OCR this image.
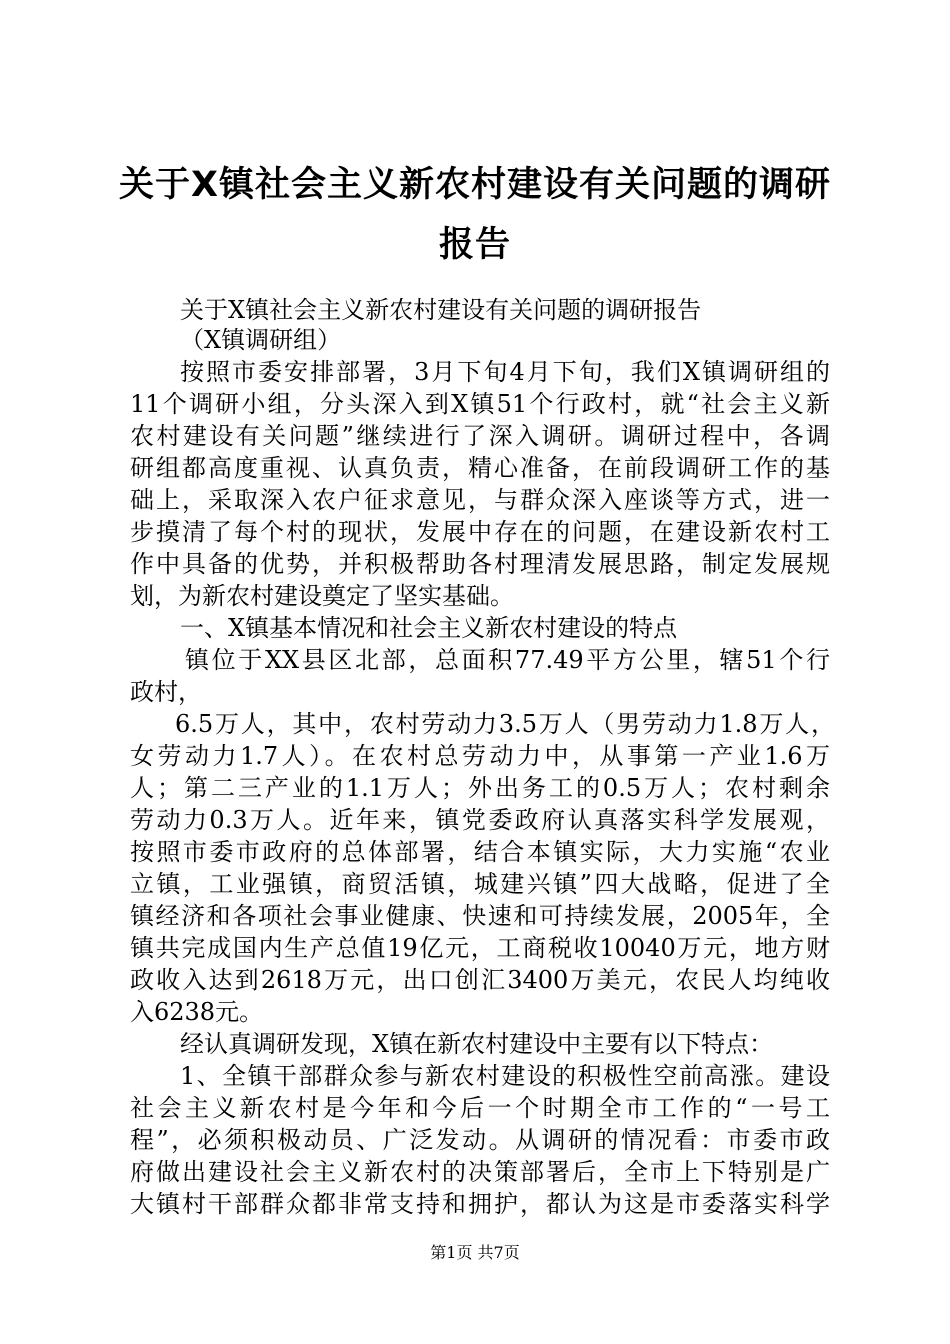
关于X镇社会主义新农村建设有关问题的调研
报告
关于X镇社会主义新农村建设有关问题的调研报告
（X镇调研组）
按照市委安排部署，3月下旬4月下旬，我们X镇调研组的
11个调研小组，分头深入到X镇51个行政村，就“社会主义新
农村建设有关问题”继续进行了深入调研。调研过程中，各调
研组都高度重视、认真负责，精心准备，在前段调研工作的基
础上，采取深入农户征求意见，与群众深入座谈等方式，进一
步摸清了每个村的现状，发展中存在的问题，在建设新农村工
作中具备的优势，并积极帮助各村理清发展思路，制定发展规
划，为新农村建设奠定了坚实基础。
一、X镇基本情况和社会主义新农村建设的特点
镇位于XX县区北部，总面积77.49平方公里，辖51个行
政村，
6.5万人，其中，农村劳动力3.5万人（男劳动力1.8万人，
女劳动力1.7人）。在农村总劳动力中，从事第一产业1.6万
人；第二三产业的1.1万人；外出务工的0.5万人；农村剩余
劳动力0.3万人。近年来，镇党委政府认真落实科学发展观，
按照市委市政府的总体部署，结合本镇实际，大力实施“农业
立镇，工业强镇，商贸活镇，城建兴镇”四大战略，促进了全
镇经济和各项社会事业健康、快速和可持续发展，2005年，全
镇共完成国内生产总值19亿元，工商税收10040万元，地方财
政收入达到2618万元，出口创汇3400万美元，农民人均纯收
入6238元。
经认真调研发现，X镇在新农村建设中主要有以下特点：
1、全镇干部群众参与新农村建设的积极性空前高涨。建设
社会主义新农村是今年和今后一个时期全市工作的“一号工
程”，必须积极动员、广泛发动。从调研的情况看：市委市政
府做出建设社会主义新农村的决策部署后，全市上下特别是广
大镇村干部群众都非常支持和拥护，都认为这是市委落实科学
第1页 共7页
